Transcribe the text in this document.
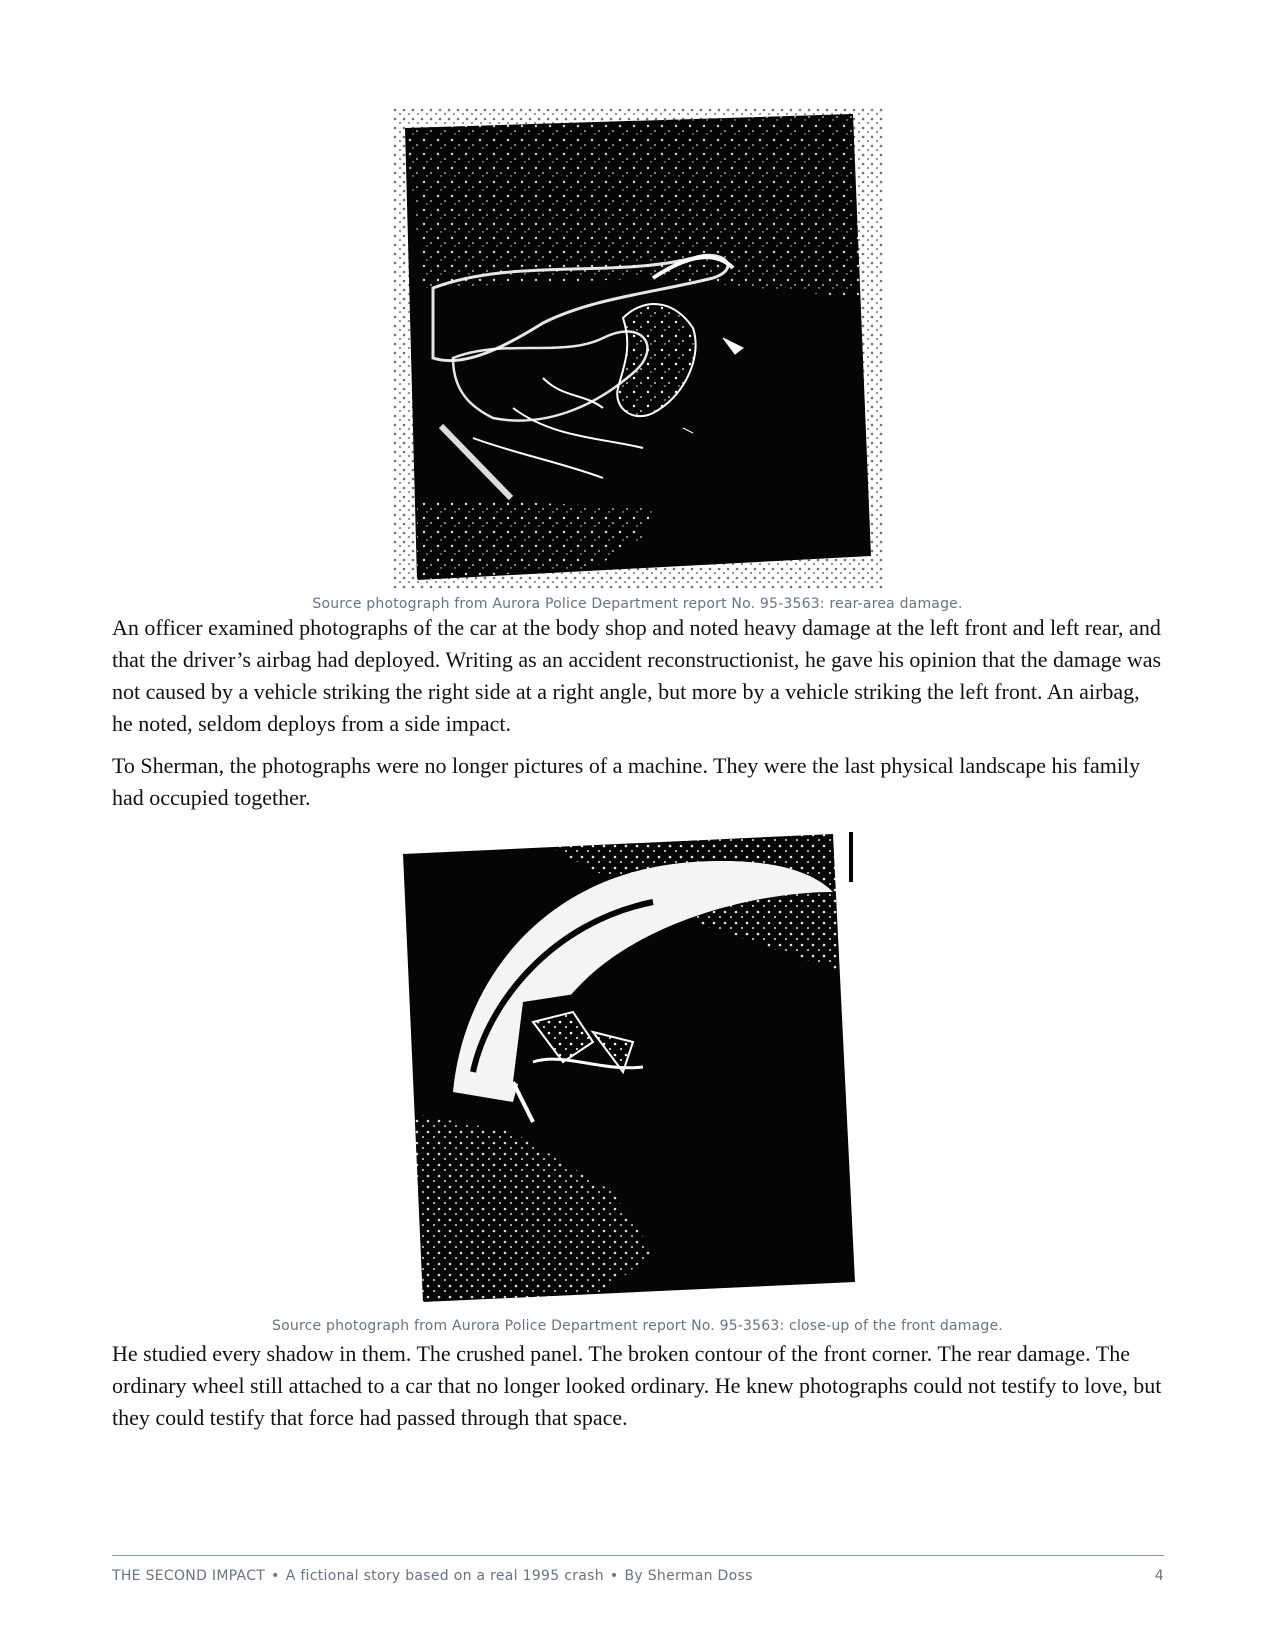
Source photograph from Aurora Police Department report No. 95-3563: rear-area damage.

An officer examined photographs of the car at the body shop and noted heavy damage at the left front and left rear, and that the driver’s airbag had deployed. Writing as an accident reconstructionist, he gave his opinion that the damage was not caused by a vehicle striking the right side at a right angle, but more by a vehicle striking the left front. An airbag, he noted, seldom deploys from a side impact.

To Sherman, the photographs were no longer pictures of a machine. They were the last physical landscape his family had occupied together.

Source photograph from Aurora Police Department report No. 95-3563: close-up of the front damage.

He studied every shadow in them. The crushed panel. The broken contour of the front corner. The rear damage. The ordinary wheel still attached to a car that no longer looked ordinary. He knew photographs could not testify to love, but they could testify that force had passed through that space.

THE SECOND IMPACT • A fictional story based on a real 1995 crash • By Sherman Doss	4
